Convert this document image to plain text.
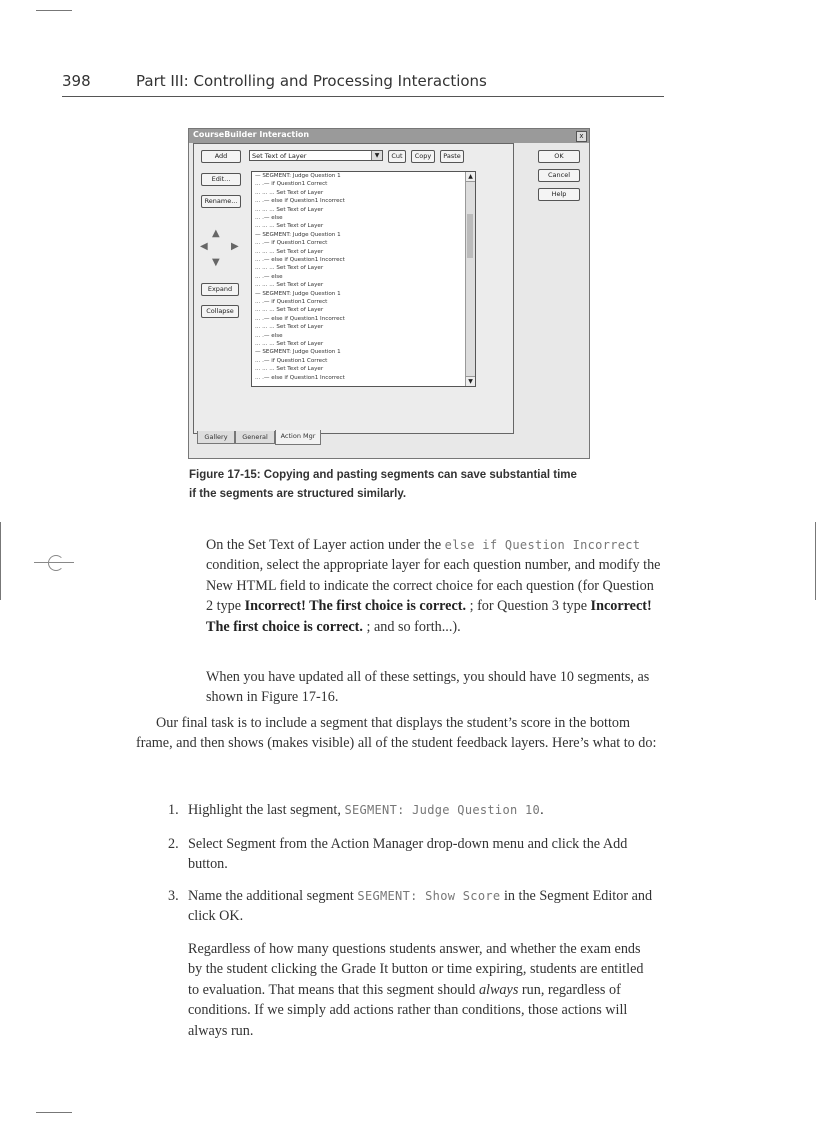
398	Part III: Controlling and Processing Interactions
CourseBuilder Interaction	x
Add	Set Text of Layer	▼	Cut	Copy	Paste
Edit...
Rename...
▲
◀ ▶
▼
Expand
Collapse
— SEGMENT: Judge Question 1
... .— if Question1 Correct
... ... ... Set Text of Layer
... .— else if Question1 Incorrect
... ... ... Set Text of Layer
... .— else
... ... ... Set Text of Layer
— SEGMENT: Judge Question 1
... .— if Question1 Correct
... ... ... Set Text of Layer
... .— else if Question1 Incorrect
... ... ... Set Text of Layer
... .— else
... ... ... Set Text of Layer
— SEGMENT: Judge Question 1
... .— if Question1 Correct
... ... ... Set Text of Layer
... .— else if Question1 Incorrect
... ... ... Set Text of Layer
... .— else
... ... ... Set Text of Layer
— SEGMENT: Judge Question 1
... .— if Question1 Correct
... ... ... Set Text of Layer
... .— else if Question1 Incorrect
▲
▼
OK
Cancel
Help
Gallery	General	Action Mgr
Figure 17-15: Copying and pasting segments can save substantial time
if the segments are structured similarly.
On the Set Text of Layer action under the else if Question Incorrect condition, select the appropriate layer for each question number, and modify the New HTML field to indicate the correct choice for each question (for Question 2 type Incorrect! The first choice is correct. ; for Question 3 type Incorrect! The first choice is correct. ; and so forth...).
When you have updated all of these settings, you should have 10 segments, as shown in Figure 17-16.
Our final task is to include a segment that displays the student’s score in the bottom frame, and then shows (makes visible) all of the student feedback layers. Here’s what to do:
1. Highlight the last segment, SEGMENT: Judge Question 10.
2. Select Segment from the Action Manager drop-down menu and click the Add button.
3. Name the additional segment SEGMENT: Show Score in the Segment Editor and click OK.
Regardless of how many questions students answer, and whether the exam ends by the student clicking the Grade It button or time expiring, students are entitled to evaluation. That means that this segment should always run, regardless of conditions. If we simply add actions rather than conditions, those actions will always run.
